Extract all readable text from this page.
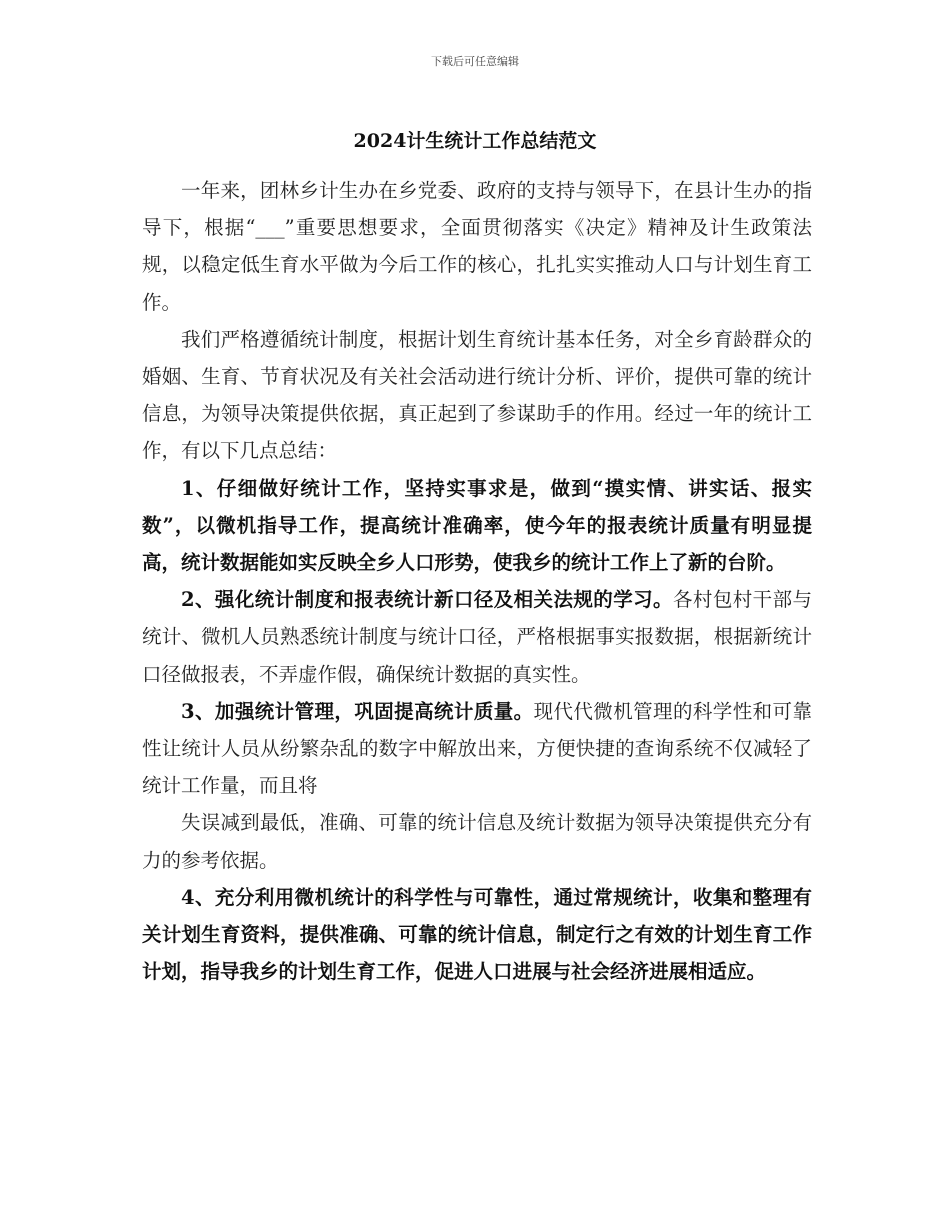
下载后可任意编辑
2024计生统计工作总结范文

一年来，团林乡计生办在乡党委、政府的支持与领导下，在县计生办的指导下，根据“___”重要思想要求，全面贯彻落实《决定》精神及计生政策法规，以稳定低生育水平做为今后工作的核心，扎扎实实推动人口与计划生育工作。

我们严格遵循统计制度，根据计划生育统计基本任务，对全乡育龄群众的婚姻、生育、节育状况及有关社会活动进行统计分析、评价，提供可靠的统计信息，为领导决策提供依据，真正起到了参谋助手的作用。经过一年的统计工作，有以下几点总结：

1、仔细做好统计工作，坚持实事求是，做到“摸实情、讲实话、报实数”，以微机指导工作，提高统计准确率，使今年的报表统计质量有明显提高，统计数据能如实反映全乡人口形势，使我乡的统计工作上了新的台阶。

2、强化统计制度和报表统计新口径及相关法规的学习。各村包村干部与统计、微机人员熟悉统计制度与统计口径，严格根据事实报数据，根据新统计口径做报表，不弄虚作假，确保统计数据的真实性。

3、加强统计管理，巩固提高统计质量。现代代微机管理的科学性和可靠性让统计人员从纷繁杂乱的数字中解放出来，方便快捷的查询系统不仅减轻了统计工作量，而且将

失误减到最低，准确、可靠的统计信息及统计数据为领导决策提供充分有力的参考依据。

4、充分利用微机统计的科学性与可靠性，通过常规统计，收集和整理有关计划生育资料，提供准确、可靠的统计信息，制定行之有效的计划生育工作计划，指导我乡的计划生育工作，促进人口进展与社会经济进展相适应。
